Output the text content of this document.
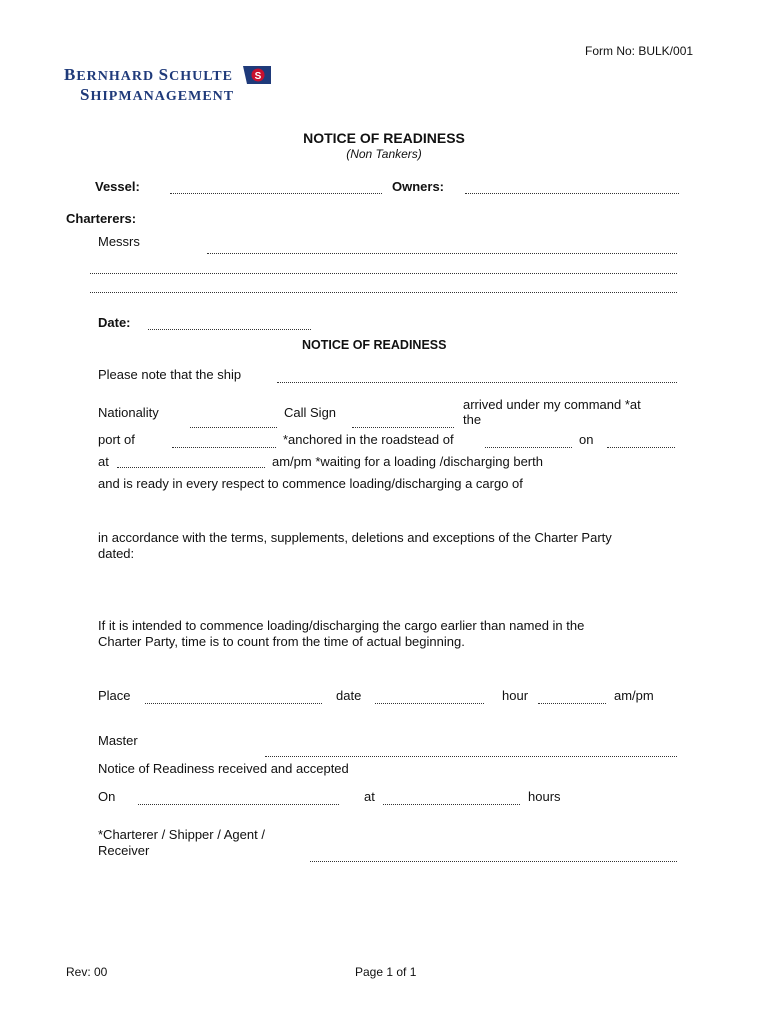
Form No: BULK/001
BERNHARD SCHULTE
SHIPMANAGEMENT
S
NOTICE OF READINESS
(Non Tankers)
Vessel:	Owners:
Charterers:
Messrs
Date:
NOTICE OF READINESS
Please note that the ship
Nationality	Call Sign
arrived under my command *at
the
port of	*anchored in the roadstead of	on
at	am/pm *waiting for a loading /discharging berth
and is ready in every respect to commence loading/discharging a cargo of
in accordance with the terms, supplements, deletions and exceptions of the Charter Party
dated:
If it is intended to commence loading/discharging the cargo earlier than named in the
Charter Party, time is to count from the time of actual beginning.
Place	date	hour	am/pm
Master
Notice of Readiness received and accepted
On	at	hours
*Charterer / Shipper / Agent /
Receiver
Rev: 00	Page 1 of 1
